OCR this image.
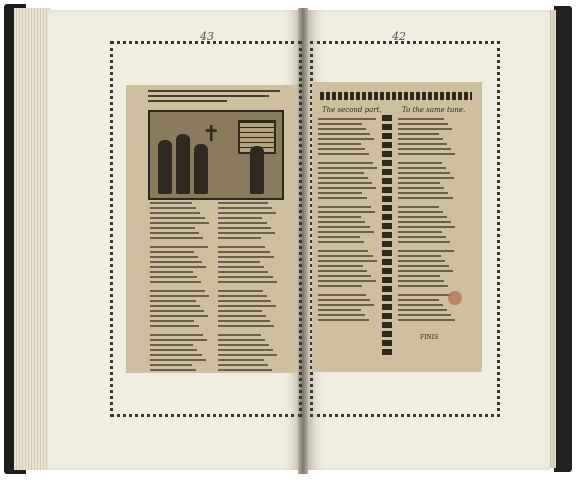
43	42
✝
The second part,	To the same tune.
FINIS
